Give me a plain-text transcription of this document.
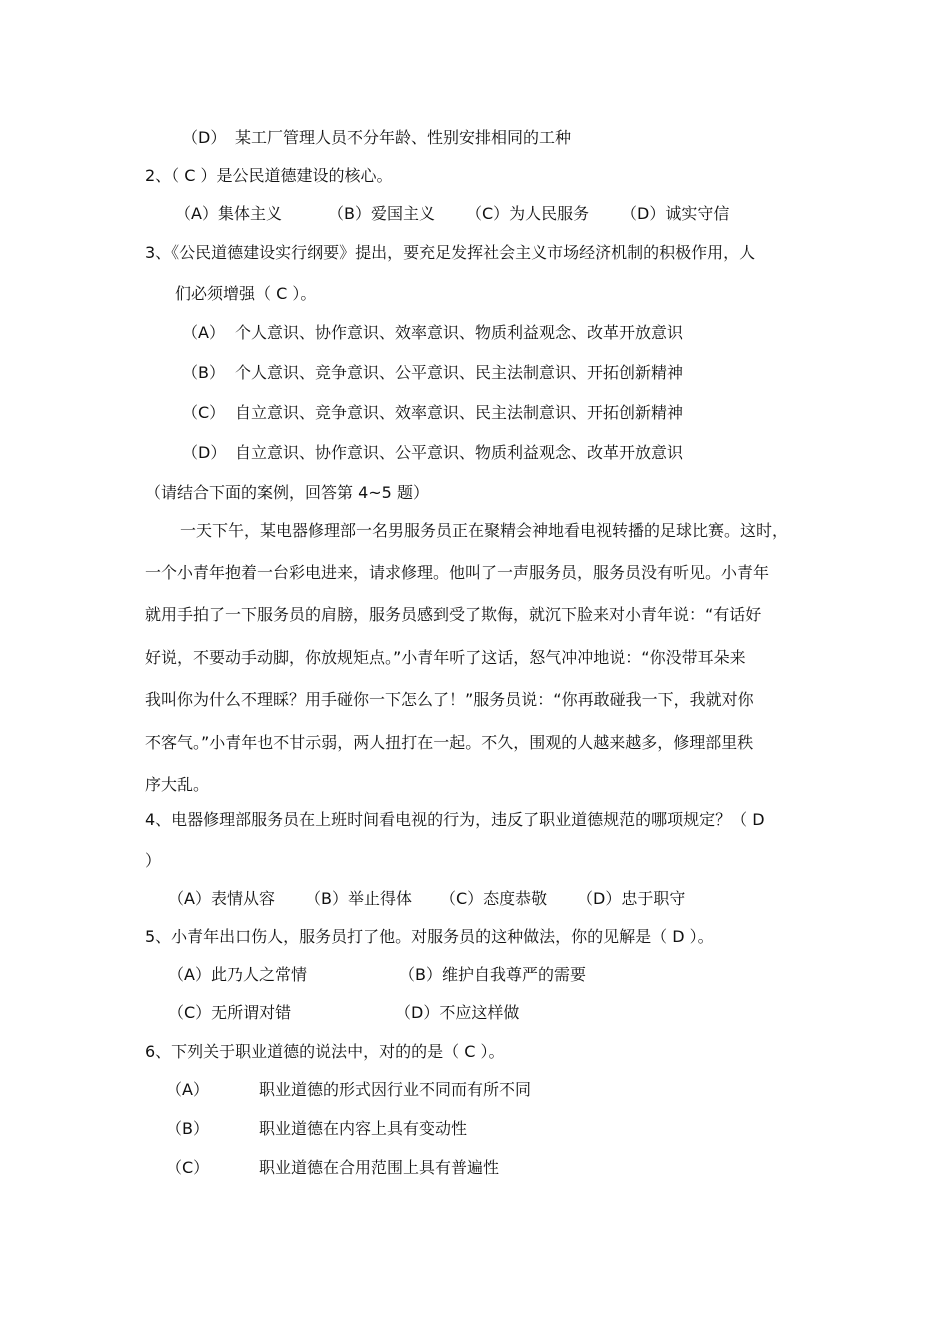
（D） 某工厂管理人员不分年龄、性别安排相同的工种
2、（ C ）是公民道德建设的核心。
（A）集体主义	（B）爱国主义 （C）为人民服务 （D）诚实守信
3、《公民道德建设实行纲要》提出，要充足发挥社会主义市场经济机制的积极作用，人
们必须增强（ C ）。
（A） 个人意识、协作意识、效率意识、物质利益观念、改革开放意识
（B） 个人意识、竞争意识、公平意识、民主法制意识、开拓创新精神
（C） 自立意识、竞争意识、效率意识、民主法制意识、开拓创新精神
（D） 自立意识、协作意识、公平意识、物质利益观念、改革开放意识
（请结合下面的案例，回答第 4~5 题）
一天下午，某电器修理部一名男服务员正在聚精会神地看电视转播的足球比赛。这时，
一个小青年抱着一台彩电进来，请求修理。他叫了一声服务员，服务员没有听见。小青年
就用手拍了一下服务员的肩膀，服务员感到受了欺侮，就沉下脸来对小青年说：“有话好
好说，不要动手动脚，你放规矩点。”小青年听了这话，怒气冲冲地说：“你没带耳朵来
我叫你为什么不理睬？用手碰你一下怎么了！”服务员说：“你再敢碰我一下，我就对你
不客气。”小青年也不甘示弱，两人扭打在一起。不久，围观的人越来越多，修理部里秩
序大乱。
4、电器修理部服务员在上班时间看电视的行为，违反了职业道德规范的哪项规定？（ D
）
（A）表情从容 （B）举止得体 （C）态度恭敬 （D）忠于职守
5、小青年出口伤人，服务员打了他。对服务员的这种做法，你的见解是（ D ）。
（A）此乃人之常情	（B）维护自我尊严的需要
（C）无所谓对错	（D）不应这样做
6、下列关于职业道德的说法中，对的的是（ C ）。
（A）	职业道德的形式因行业不同而有所不同
（B）	职业道德在内容上具有变动性
（C）	职业道德在合用范围上具有普遍性
